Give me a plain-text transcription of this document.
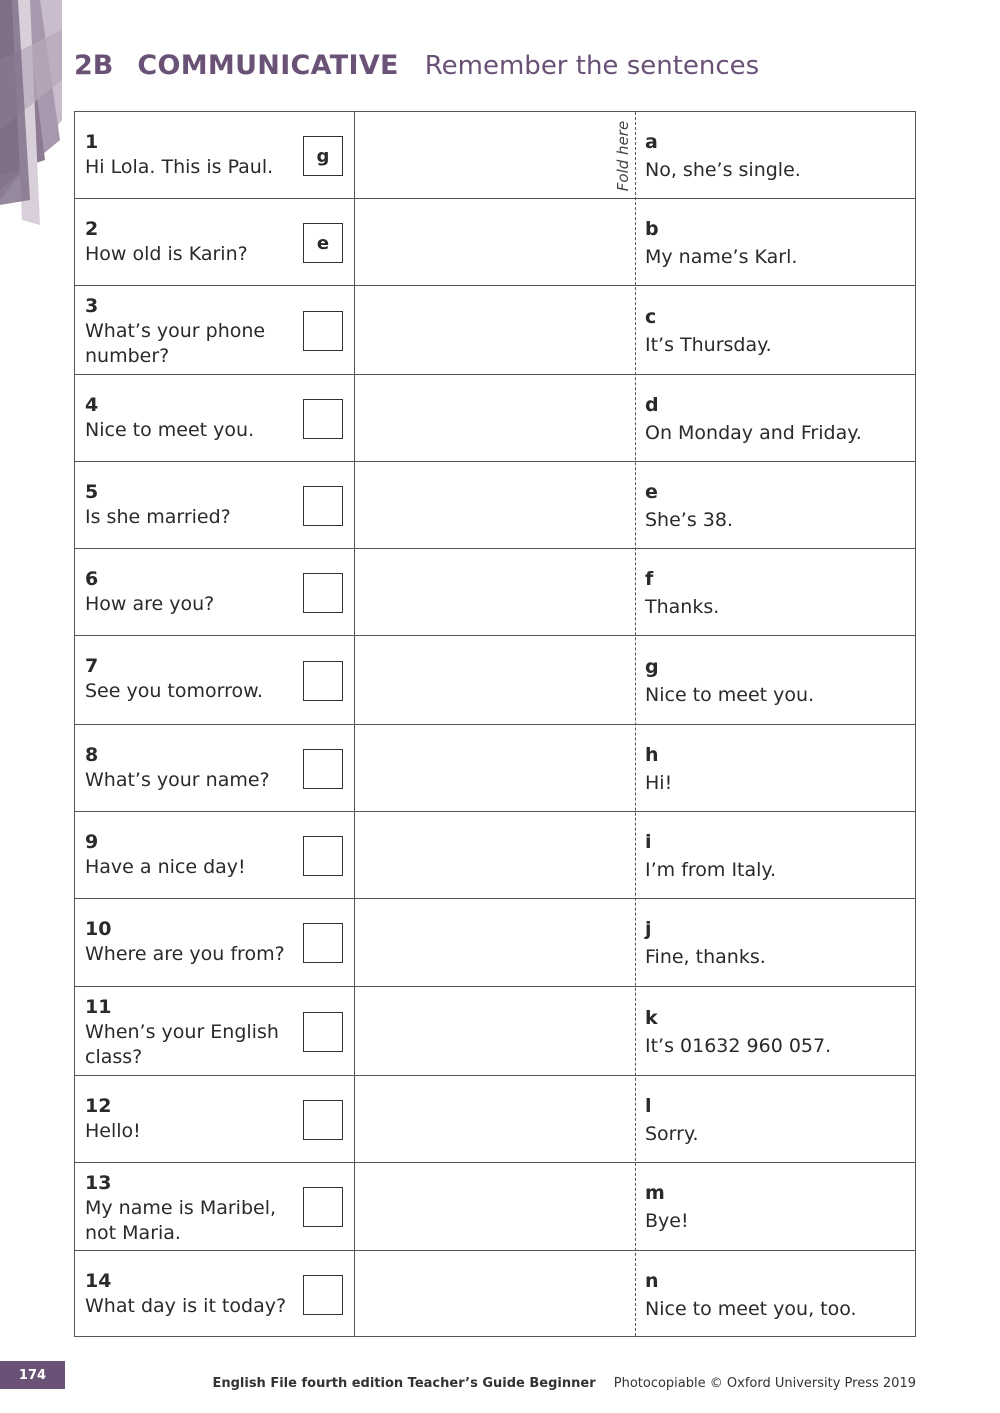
2B COMMUNICATIVE Remember the sentences
1
Hi Lola. This is Paul.	g
a
No, she’s single.
2
How old is Karin?	e
b
My name’s Karl.
3
What’s your phone number?
c
It’s Thursday.
4
Nice to meet you.
d
On Monday and Friday.
5
Is she married?
e
She’s 38.
6
How are you?
f
Thanks.
7
See you tomorrow.
g
Nice to meet you.
8
What’s your name?
h
Hi!
9
Have a nice day!
i
I’m from Italy.
10
Where are you from?
j
Fine, thanks.
11
When’s your English class?
k
It’s 01632 960 057.
12
Hello!
l
Sorry.
13
My name is Maribel, not Maria.
m
Bye!
14
What day is it today?
n
Nice to meet you, too.
Fold here
174
English File fourth edition Teacher’s Guide Beginner Photocopiable © Oxford University Press 2019
